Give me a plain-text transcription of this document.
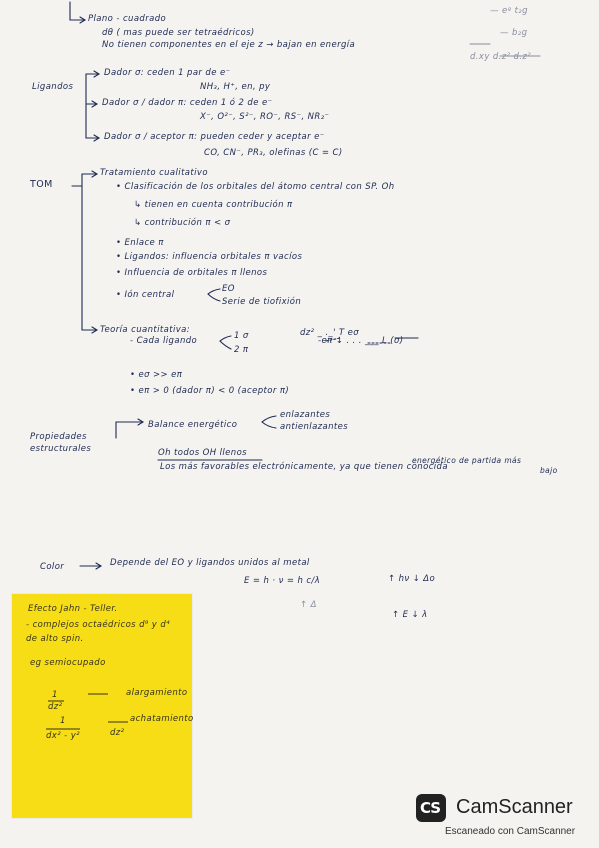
Plano - cuadrado
dθ ( mas puede ser tetraédricos)
No tienen componentes en el eje z → bajan en energía
— eᵍ t₂g
— b₂g
d.xy d.z² d.z²
Ligandos
Dador σ: ceden 1 par de e⁻
NH₃, H⁺, en, py
Dador σ / dador π: ceden 1 ó 2 de e⁻
X⁻, O²⁻, S²⁻, RO⁻, RS⁻, NR₂⁻
Dador σ / aceptor π: pueden ceder y aceptar e⁻
CO, CN⁻, PR₃, olefinas (C = C)
TOM
Tratamiento cualitativo
• Clasificación de los orbitales del átomo central con SP. Oh
↳ tienen en cuenta contribución π
↳ contribución π < σ
• Enlace π
• Ligandos: influencia orbitales π vacíos
• Influencia de orbitales π llenos
• Ión central
EO
Serie de tiofixión
Teoría cuantitativa:
- Cada ligando	1 σ
2 π
dz² _ ._' T eσ
-eπ ↓ . . . ___ L (σ)
• eσ >> eπ
• eπ > 0 (dador π) < 0 (aceptor π)
Propiedades
estructurales
Balance energético
enlazantes
antienlazantes
Oh todos OH llenos
Los más favorables electrónicamente, ya que tienen conocida
energético de partida más
bajo
Color	Depende del EO y ligandos unidos al metal
E = h · ν = h c/λ	↑ hν ↓ Δo
↑ Δ
↑ E ↓ λ
Efecto Jahn - Teller.
- complejos octaédricos d⁹ y d⁴
de alto spin.
eg semiocupado
1
dz²
alargamiento
1
dx² - y²	dz²
achatamiento
CS CamScanner
Escaneado con CamScanner
